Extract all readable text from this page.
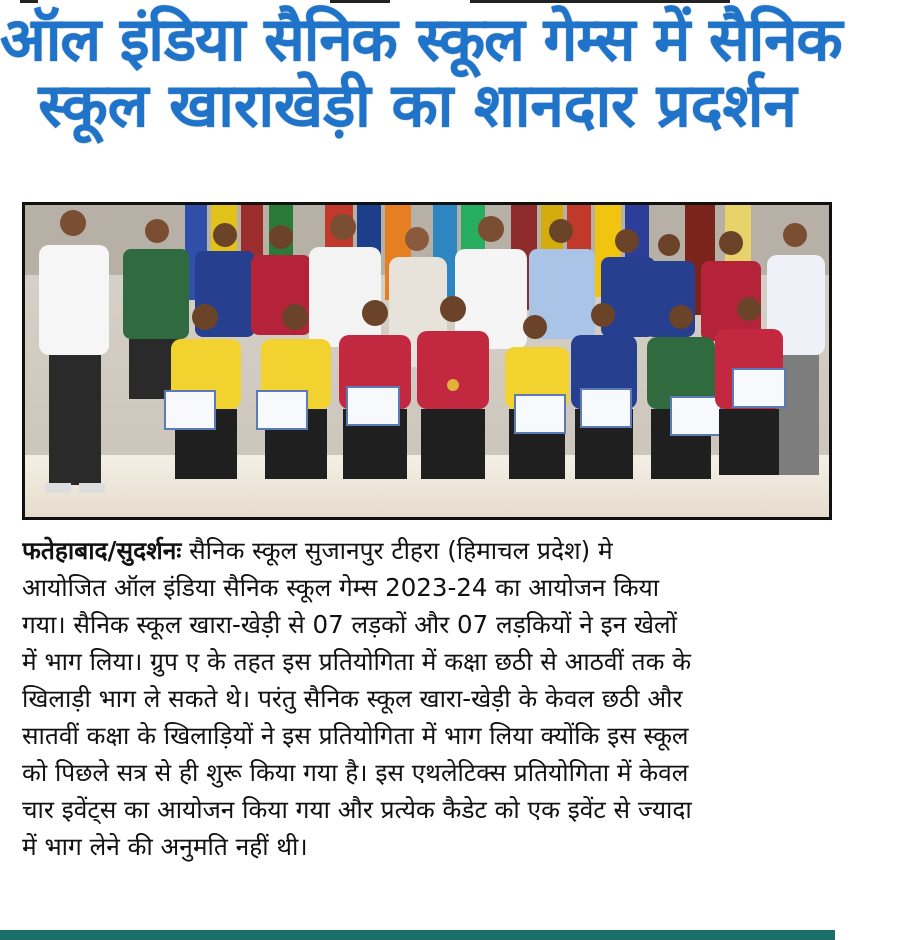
ऑल इंडिया सैनिक स्कूल गेम्स में सैनिक
स्कूल खाराखेड़ी का शानदार प्रदर्शन
फतेहाबाद/सुदर्शनः सैनिक स्कूल सुजानपुर टीहरा (हिमाचल प्रदेश) मे
आयोजित ऑल इंडिया सैनिक स्कूल गेम्स 2023-24 का आयोजन किया
गया। सैनिक स्कूल खारा-खेड़ी से 07 लड़कों और 07 लड़कियों ने इन खेलों
में भाग लिया। ग्रुप ए के तहत इस प्रतियोगिता में कक्षा छठी से आठवीं तक के
खिलाड़ी भाग ले सकते थे। परंतु सैनिक स्कूल खारा-खेड़ी के केवल छठी और
सातवीं कक्षा के खिलाड़ियों ने इस प्रतियोगिता में भाग लिया क्योंकि इस स्कूल
को पिछले सत्र से ही शुरू किया गया है। इस एथलेटिक्स प्रतियोगिता में केवल
चार इवेंट्स का आयोजन किया गया और प्रत्येक कैडेट को एक इवेंट से ज्यादा
में भाग लेने की अनुमति नहीं थी।
